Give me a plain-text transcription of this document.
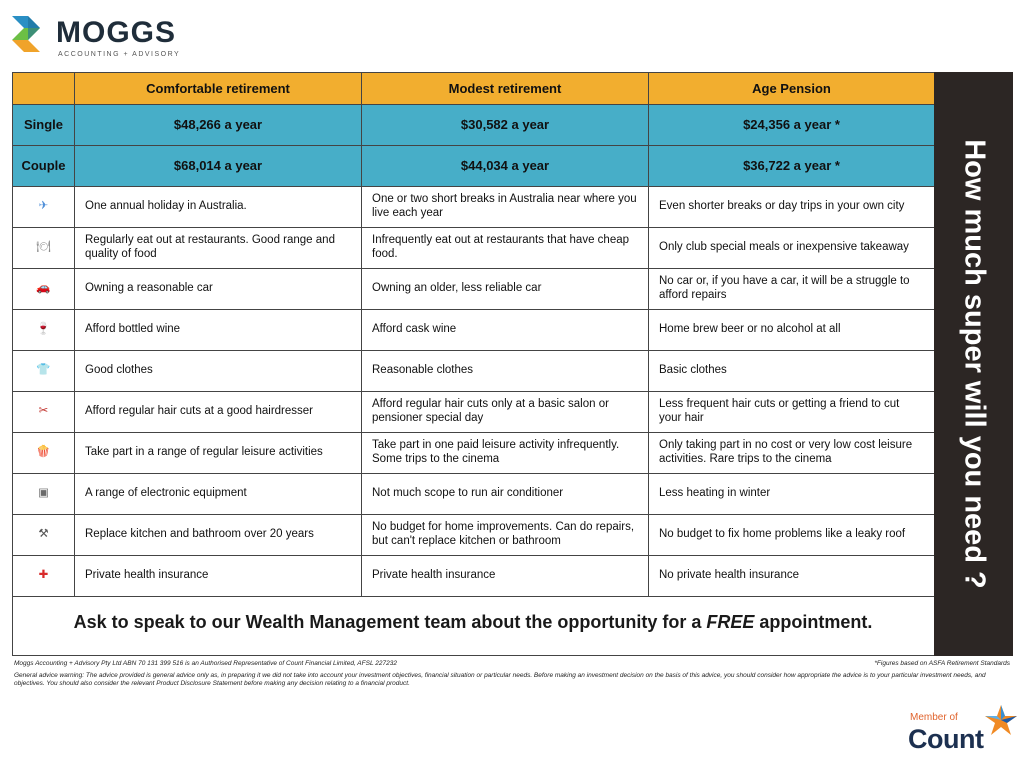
MOGGS
ACCOUNTING + ADVISORY
	Comfortable retirement	Modest retirement	Age Pension
Single	$48,266 a year	$30,582 a year	$24,356 a year *
Couple	$68,014 a year	$44,034 a year	$36,722 a year *
✈	One annual holiday in Australia.	One or two short breaks in Australia near where you live each year	Even shorter breaks or day trips in your own city
🍽	Regularly eat out at restaurants. Good range and quality of food	Infrequently eat out at restaurants that have cheap food.	Only club special meals or inexpensive takeaway
🚗	Owning a reasonable car	Owning an older, less reliable car	No car or, if you have a car, it will be a struggle to afford repairs
🍷	Afford bottled wine	Afford cask wine	Home brew beer or no alcohol at all
👕	Good clothes	Reasonable clothes	Basic clothes
✂	Afford regular hair cuts at a good hairdresser	Afford regular hair cuts only at a basic salon or pensioner special day	Less frequent hair cuts or getting a friend to cut your hair
🍿	Take part in a range of regular leisure activities	Take part in one paid leisure activity infrequently. Some trips to the cinema	Only taking part in no cost or very low cost leisure activities. Rare trips to the cinema
▣	A range of electronic equipment	Not much scope to run air conditioner	Less heating in winter
⚒	Replace kitchen and bathroom over 20 years	No budget for home improvements. Can do repairs, but can't replace kitchen or bathroom	No budget to fix home problems like a leaky roof
✚	Private health insurance	Private health insurance	No private health insurance	How much super will you need ?
Ask to speak to our Wealth Management team about the opportunity for a FREE appointment.
Moggs Accounting + Advisory Pty Ltd ABN 70 131 399 516 is an Authorised Representative of Count Financial Limited, AFSL 227232	*Figures based on ASFA Retirement Standards
General advice warning: The advice provided is general advice only as, in preparing it we did not take into account your investment objectives, financial situation or particular needs. Before making an investment decision on the basis of this advice, you should consider how appropriate the advice is to your particular investment needs, and objectives. You should also consider the relevant Product Disclosure Statement before making any decision relating to a financial product.
Member of
Count
